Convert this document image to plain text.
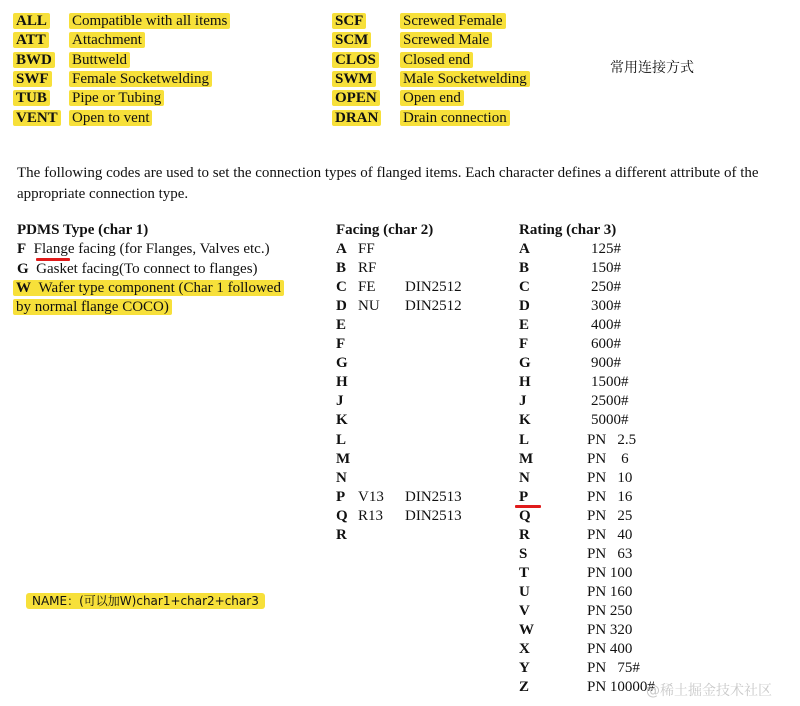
ALL Compatible with all items
ATT Attachment
BWD Buttweld
SWF Female Socketwelding
TUB Pipe or Tubing
VENT Open to vent
SCF	Screwed Female
SCM Screwed Male
CLOS Closed end
SWM Male Socketwelding
OPEN Open end
DRAN Drain connection
常用连接方式
The following codes are used to set the connection types of flanged items. Each character defines a different attribute of the appropriate connection type.
PDMS Type (char 1)
F Flange facing (for Flanges, Valves etc.)
G Gasket facing(To connect to flanges)
W Wafer type component (Char 1 followed
by normal flange COCO)
Facing (char 2)
A FF
B RF
C FE DIN2512
D NU DIN2512
E
F
G
H
J
K
L
M
N
P V13 DIN2513
Q R13 DIN2513
R
Rating (char 3)
A	125#
B	150#
C	250#
D	300#
E	400#
F	600#
G	900#
H	1500#
J	2500#
K	5000#
L	PN   2.5
M	PN    6
N	PN   10
P	PN   16
Q	PN   25
R	PN   40
S	PN   63
T	PN 100
U	PN 160
V	PN 250
W	PN 320
X	PN 400
Y	PN   75#
Z	PN 10000#
NAME：(可以加W)char1+char2+char3
@稀土掘金技术社区
